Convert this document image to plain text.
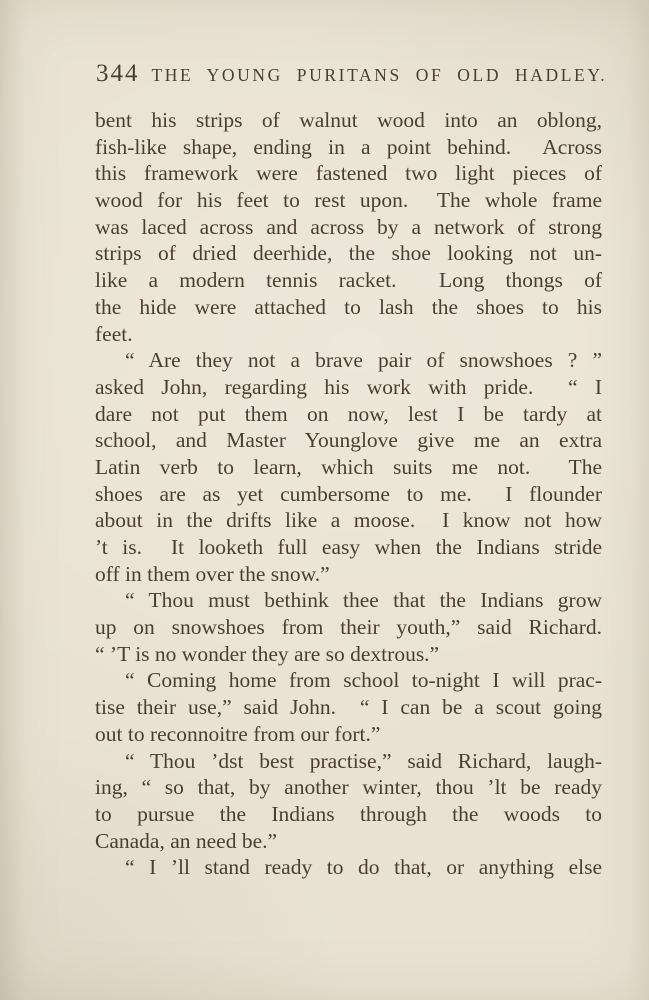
344 THE YOUNG PURITANS OF OLD HADLEY.
bent his strips of walnut wood into an oblong,
fish-like shape, ending in a point behind.  Across
this framework were fastened two light pieces of
wood for his feet to rest upon.  The whole frame
was laced across and across by a network of strong
strips of dried deerhide, the shoe looking not un-
like a modern tennis racket.  Long thongs of
the hide were attached to lash the shoes to his
feet.
“ Are they not a brave pair of snowshoes ? ”
asked John, regarding his work with pride.  “ I
dare not put them on now, lest I be tardy at
school, and Master Younglove give me an extra
Latin verb to learn, which suits me not.  The
shoes are as yet cumbersome to me.  I flounder
about in the drifts like a moose.  I know not how
’t is.  It looketh full easy when the Indians stride
off in them over the snow.”
“ Thou must bethink thee that the Indians grow
up on snowshoes from their youth,” said Richard.
“ ’T is no wonder they are so dextrous.”
“ Coming home from school to-night I will prac-
tise their use,” said John.  “ I can be a scout going
out to reconnoitre from our fort.”
“ Thou ’dst best practise,” said Richard, laugh-
ing, “ so that, by another winter, thou ’lt be ready
to pursue the Indians through the woods to
Canada, an need be.”
“ I ’ll stand ready to do that, or anything else
